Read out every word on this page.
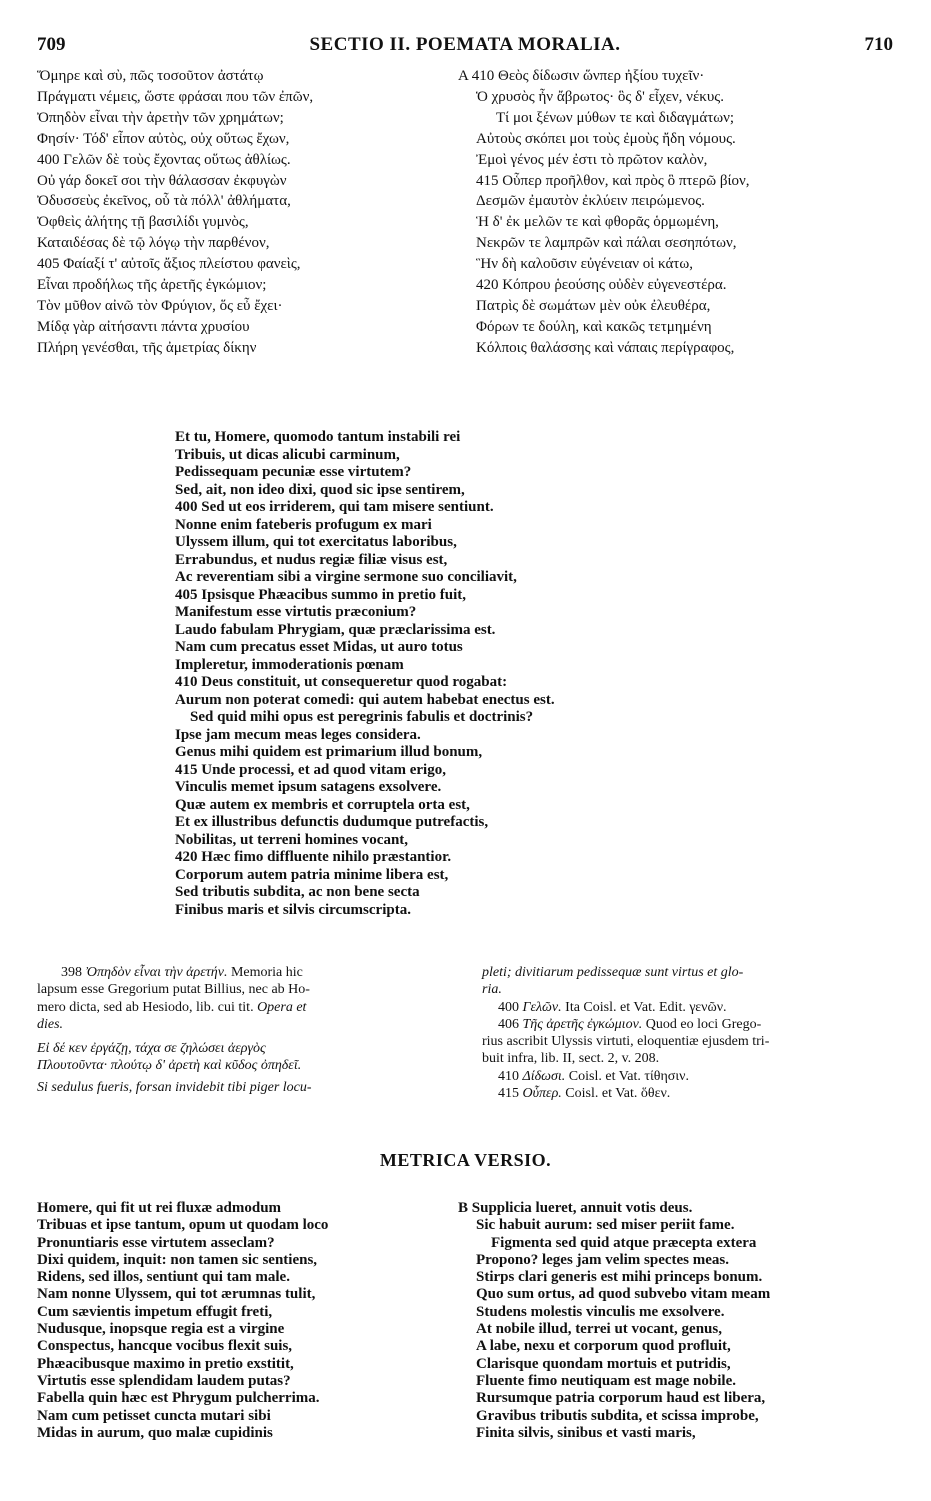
709	SECTIO II. POEMATA MORALIA.	710
Ὅμηρε καὶ σὺ, πῶς τοσοῦτον ἀστάτῳ
Πράγματι νέμεις, ὥστε φράσαι που τῶν ἐπῶν,
Ὀπηδὸν εἶναι τὴν ἀρετὴν τῶν χρημάτων;
Φησίν· Τόδ' εἶπον αὐτὸς, οὐχ οὕτως ἔχων,
400 Γελῶν δὲ τοὺς ἔχοντας οὕτως ἀθλίως.
Οὐ γάρ δοκεῖ σοι τὴν θάλασσαν ἐκφυγὼν
Ὀδυσσεὺς ἐκεῖνος, οὗ τὰ πόλλ' ἀθλήματα,
Ὀφθεὶς ἀλήτης τῇ βασιλίδι γυμνὸς,
Καταιδέσας δὲ τῷ λόγῳ τὴν παρθένον,
405 Φαίαξί τ' αὐτοῖς ἄξιος πλείστου φανεὶς,
Εἶναι προδήλως τῆς ἀρετῆς ἐγκώμιον;
Τὸν μῦθον αἰνῶ τὸν Φρύγιον, ὅς εὖ ἔχει·
Μίδᾳ γὰρ αἰτήσαντι πάντα χρυσίου
Πλήρη γενέσθαι, τῆς ἀμετρίας δίκην
A 410 Θεὸς δίδωσιν ὥνπερ ἠξίου τυχεῖν·
Ὁ χρυσὸς ἦν ἄβρωτος· ὃς δ' εἶχεν, νέκυς.
Τί μοι ξένων μύθων τε καὶ διδαγμάτων;
Αὐτοὺς σκόπει μοι τοὺς ἐμοὺς ἤδη νόμους.
Ἐμοὶ γένος μέν ἐστι τὸ πρῶτον καλὸν,
415 Οὗπερ προῆλθον, καὶ πρὸς ὃ πτερῶ βίον,
Δεσμῶν ἐμαυτὸν ἐκλύειν πειρώμενος.
Ἡ δ' ἐκ μελῶν τε καὶ φθορᾶς ὁρμωμένη,
Νεκρῶν τε λαμπρῶν καὶ πάλαι σεσηπότων,
Ἣν δὴ καλοῦσιν εὐγένειαν οἱ κάτω,
420 Κόπρου ῥεούσης οὐδὲν εὐγενεστέρα.
Πατρὶς δὲ σωμάτων μὲν οὐκ ἐλευθέρα,
Φόρων τε δούλη, καὶ κακῶς τετμημένη
Κόλποις θαλάσσης καὶ νάπαις περίγραφος,
Et tu, Homere, quomodo tantum instabili rei
Tribuis, ut dicas alicubi carminum,
Pedissequam pecuniæ esse virtutem?
Sed, ait, non ideo dixi, quod sic ipse sentirem,
400 Sed ut eos irriderem, qui tam misere sentiunt.
Nonne enim fateberis profugum ex mari
Ulyssem illum, qui tot exercitatus laboribus,
Errabundus, et nudus regiæ filiæ visus est,
Ac reverentiam sibi a virgine sermone suo conciliavit,
405 Ipsisque Phæacibus summo in pretio fuit,
Manifestum esse virtutis præconium?
Laudo fabulam Phrygiam, quæ præclarissima est.
Nam cum precatus esset Midas, ut auro totus
Impleretur, immoderationis pœnam
410 Deus constituit, ut consequeretur quod rogabat:
Aurum non poterat comedi: qui autem habebat enectus est.
Sed quid mihi opus est peregrinis fabulis et doctrinis?
Ipse jam mecum meas leges considera.
Genus mihi quidem est primarium illud bonum,
415 Unde processi, et ad quod vitam erigo,
Vinculis memet ipsum satagens exsolvere.
Quæ autem ex membris et corruptela orta est,
Et ex illustribus defunctis dudumque putrefactis,
Nobilitas, ut terreni homines vocant,
420 Hæc fimo diffluente nihilo præstantior.
Corporum autem patria minime libera est,
Sed tributis subdita, ac non bene secta
Finibus maris et silvis circumscripta.
398 Ὀπηδὸν εἶναι τὴν ἀρετήν. Memoria hic
lapsum esse Gregorium putat Billius, nec ab Ho-
mero dicta, sed ab Hesiodo, lib. cui tit. Opera et
dies.
Εἰ δέ κεν ἐργάζῃ, τάχα σε ζηλώσει ἀεργὸς
Πλουτοῦντα· πλούτῳ δ' ἀρετὴ καὶ κῦδος ὀπηδεῖ.
Si sedulus fueris, forsan invidebit tibi piger locu-
pleti; divitiarum pedissequæ sunt virtus et glo-
ria.
400 Γελῶν. Ita Coisl. et Vat. Edit. γενῶν.
406 Τῆς ἀρετῆς ἐγκώμιον. Quod eo loci Grego-
rius ascribit Ulyssis virtuti, eloquentiæ ejusdem tri-
buit infra, lib. II, sect. 2, v. 208.
410 Δίδωσι. Coisl. et Vat. τίθησιν.
415 Οὗπερ. Coisl. et Vat. ὅθεν.
METRICA VERSIO.
Homere, qui fit ut rei fluxæ admodum
Tribuas et ipse tantum, opum ut quodam loco
Pronuntiaris esse virtutem asseclam?
Dixi quidem, inquit: non tamen sic sentiens,
Ridens, sed illos, sentiunt qui tam male.
Nam nonne Ulyssem, qui tot ærumnas tulit,
Cum sævientis impetum effugit freti,
Nudusque, inopsque regia est a virgine
Conspectus, hancque vocibus flexit suis,
Phæacibusque maximo in pretio exstitit,
Virtutis esse splendidam laudem putas?
Fabella quin hæc est Phrygum pulcherrima.
Nam cum petisset cuncta mutari sibi
Midas in aurum, quo malæ cupidinis
B Supplicia lueret, annuit votis deus.
Sic habuit aurum: sed miser periit fame.
Figmenta sed quid atque præcepta extera
Propono? leges jam velim spectes meas.
Stirps clari generis est mihi princeps bonum.
Quo sum ortus, ad quod subvebo vitam meam
Studens molestis vinculis me exsolvere.
At nobile illud, terrei ut vocant, genus,
A labe, nexu et corporum quod profluit,
Clarisque quondam mortuis et putridis,
Fluente fimo neutiquam est mage nobile.
Rursumque patria corporum haud est libera,
Gravibus tributis subdita, et scissa improbe,
Finita silvis, sinibus et vasti maris,
